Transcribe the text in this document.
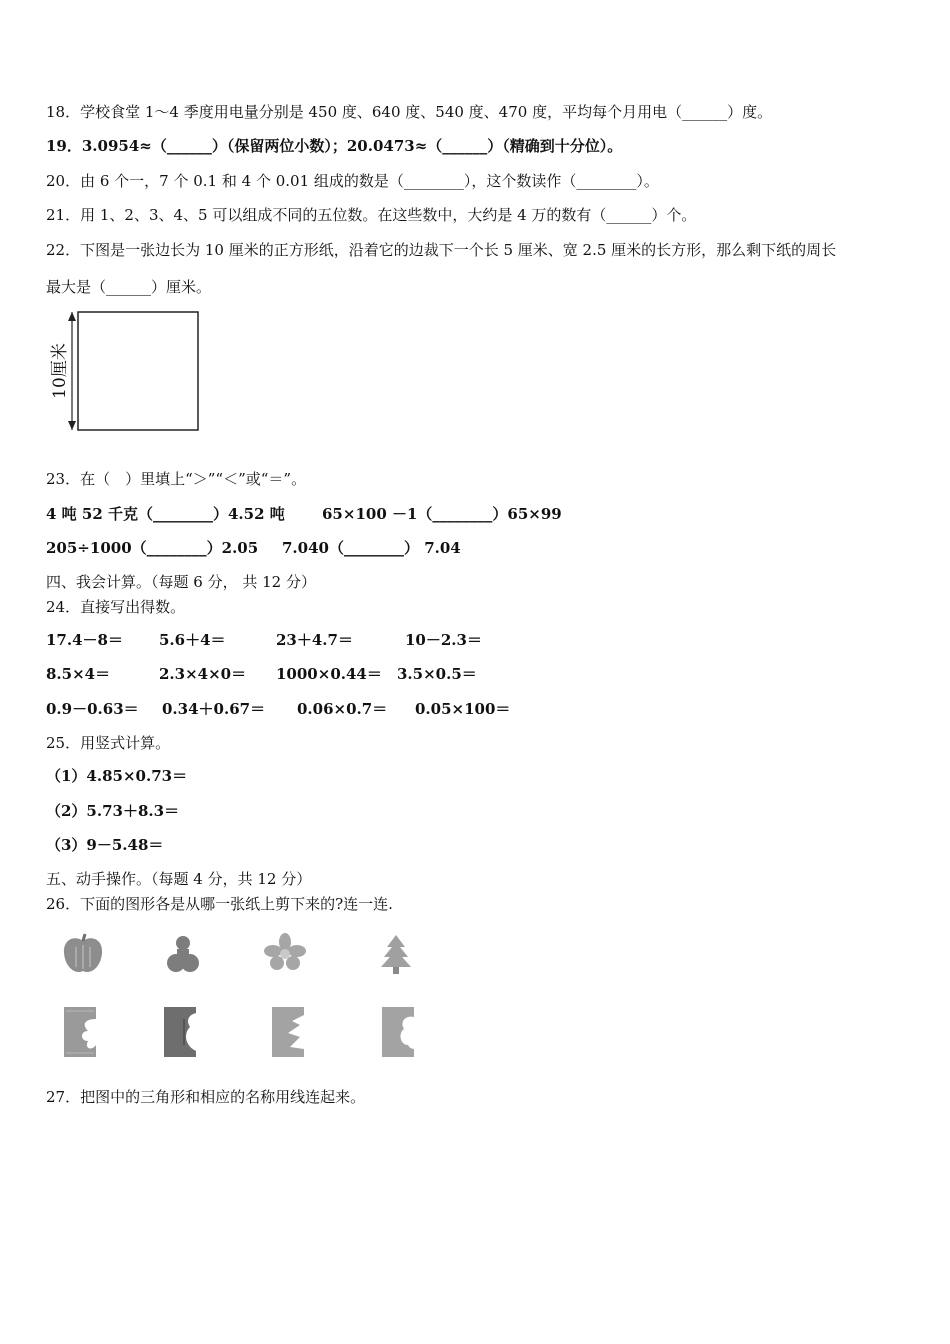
18．学校食堂 1～4 季度用电量分别是 450 度、640 度、540 度、470 度，平均每个月用电（______）度。
19．3.0954≈（______）（保留两位小数）；20.0473≈（______）（精确到十分位）。
20．由 6 个一，7 个 0.1 和 4 个 0.01 组成的数是（________），这个数读作（________）。
21．用 1、2、3、4、5 可以组成不同的五位数。在这些数中，大约是 4 万的数有（______）个。
22．下图是一张边长为 10 厘米的正方形纸，沿着它的边裁下一个长 5 厘米、宽 2.5 厘米的长方形，那么剩下纸的周长
最大是（______）厘米。
10厘米
23．在（　）里填上“＞”“＜”或“＝”。
4 吨 52 千克（________）4.52 吨 65×100 －1（________）65×99
205÷1000（________）2.05 7.040（________） 7.04
四、我会计算。（每题 6 分， 共 12 分）
24．直接写出得数。
17.4－8＝ 5.6＋4＝	23＋4.7＝	10－2.3＝
8.5×4＝	2.3×4×0＝ 1000×0.44＝ 3.5×0.5＝
0.9－0.63＝ 0.34＋0.67＝ 0.06×0.7＝ 0.05×100＝
25．用竖式计算。
（1）4.85×0.73＝
（2）5.73＋8.3＝
（3）9－5.48＝
五、动手操作。（每题 4 分，共 12 分）
26．下面的图形各是从哪一张纸上剪下来的?连一连.
27．把图中的三角形和相应的名称用线连起来。
